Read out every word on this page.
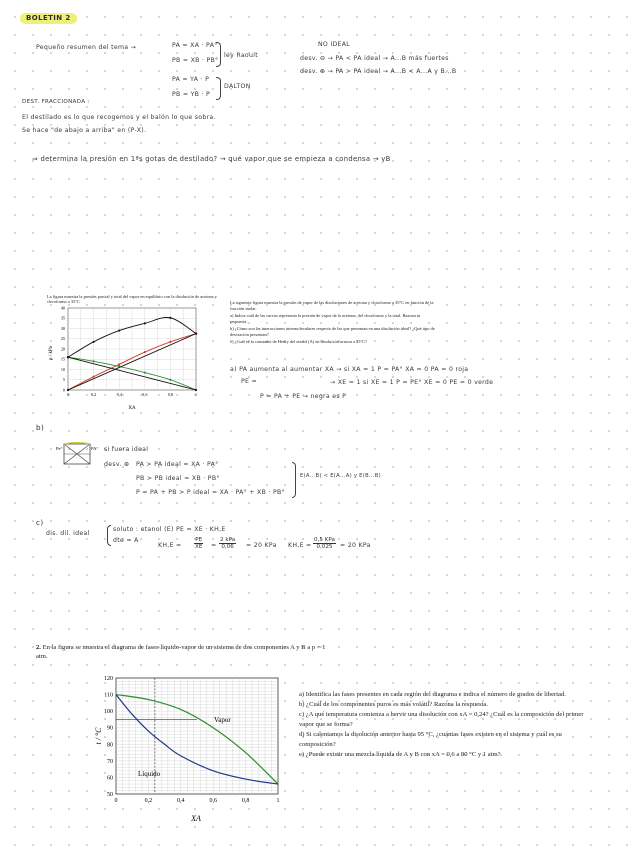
BOLETIN 2
Pequeño resumen del tema →	PA = XA · PA°
PB = XB · PB°
ley Raoult
PA = YA · P
PB = YB · P
DALTON
NO IDEAL
desv. ⊖ → PA < PA ideal → A...B más fuertes
desv. ⊕ → PA > PA ideal → A...B < A...A y B...B
DEST. FRACCIONADA :
El destilado es lo que recogemos y el balón lo que sobra.
Se hace "de abajo a arriba" en (P-X).
⇒ determina la presión en 1ªs gotas de destilado? → qué vapor que se empieza a condensa → yB
La figura muestra la presión parcial y total del vapor en equilibrio con la disolución de acetona y cloroformo a 35°C
0	0,2	0,4	0,6	0,8	1
0
5
10
15
20
25
30
35
40
XA
p / kPa
La siguiente figura muestra la presión de vapor de las disoluciones de acetona y cloroformo a 35°C en función de la fracción molar.
a) Indica cuál de las curvas representa la presión de vapor de la acetona, del cloroformo y la total. Razona tu respuesta.
b) ¿Cómo son las interacciones intermoleculares respecto de las que presentan en una disolución ideal? ¿Qué tipo de desviación presentan?
c) ¿Cuál es la constante de Henry del etanol (A) en disolución acuosa a 25°C?
a) PA aumenta al aumentar XA → si XA = 1 P = PA° XA = 0 PA = 0 roja
PE =	→ XE = 1 si XE = 1 P = PE° XE = 0 PE = 0 verde
P = PA + PE → negra es P
b)
Pe°	PA° si fuera ideal
desv. ⊕ PA > PA ideal = XA · PA°
PB > PB ideal = XB · PB°
P = PA + PB > P ideal = XA · PA° + XB · PB°
E(A...B) < E(A...A) y E(B...B)
c)
dis. dil. ideal
soluto : etanol (E) PE = XE · KH,E
dte = A
$KH,E = \frac{PE}{XE}$ =
2 kPa
0,06	= 20 KPa KH,E =
0,5 KPa
0,025	= 20 KPa
2. En la figura se muestra el diagrama de fases líquido-vapor de un sistema de dos componentes A y B a p = 1 atm.
0	0,2	0,4	0,6	0,8	1
50
60
70
80
90
100
110
120
Vapor
Líquido
XA
t / °C
a) Identifica las fases presentes en cada región del diagrama e indica el número de grados de libertad.
b) ¿Cuál de los componentes puros es más volátil? Razona la respuesta.
c) ¿A qué temperatura comienza a hervir una disolución con xA = 0,24? ¿Cuál es la composición del primer vapor que se forma?
d) Si calentamos la disolución anterior hasta 95 °C, ¿cuántas fases existen en el sistema y cuál es su composición?
e) ¿Puede existir una mezcla líquida de A y B con xA = 0,6 a 80 °C y 1 atm?
